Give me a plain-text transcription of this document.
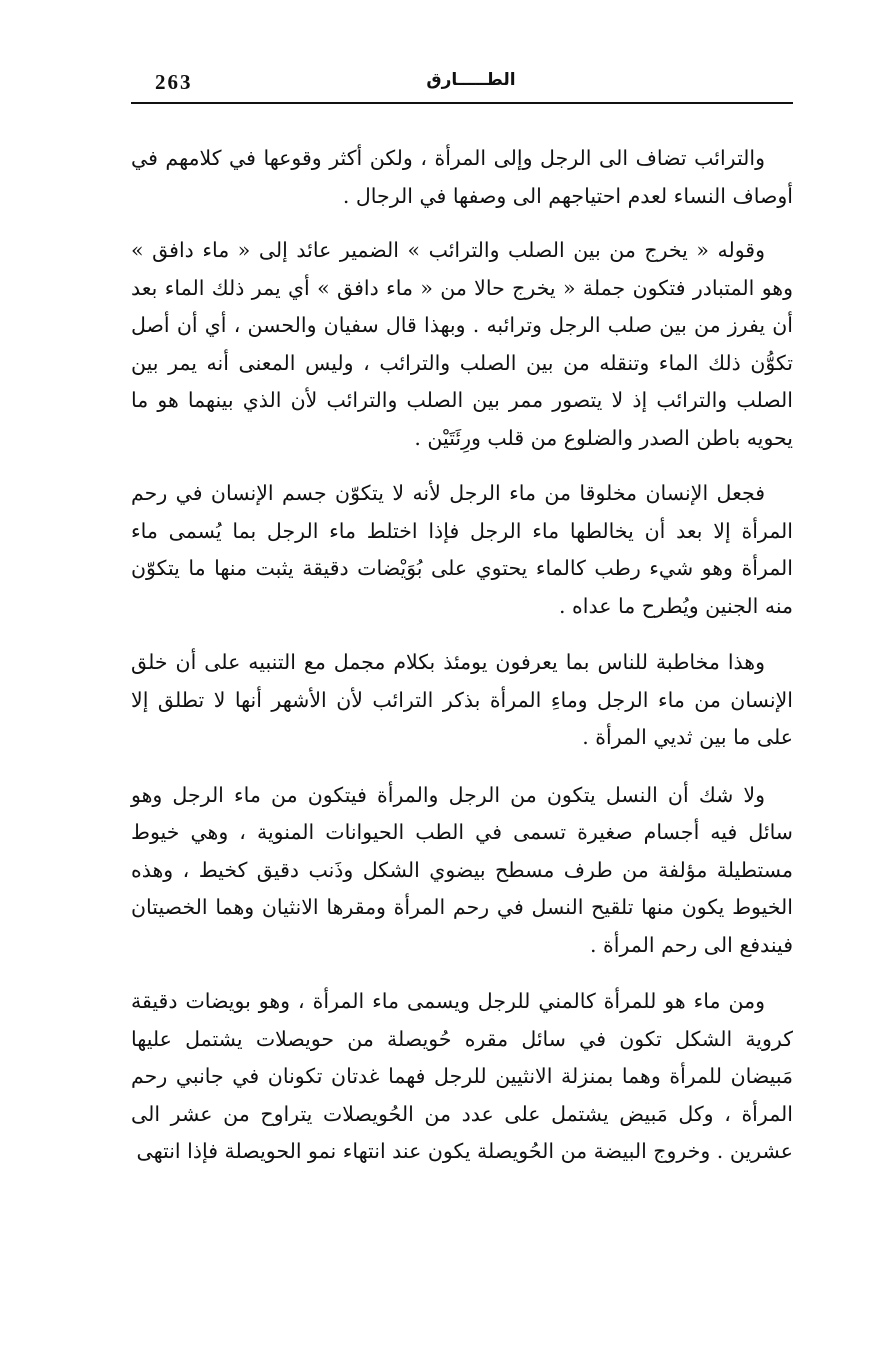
263	الطـــــارق

والترائب تضاف الى الرجل وإلى المرأة ، ولكن أكثر وقوعها في كلامهم في أوصاف النساء لعدم احتياجهم الى وصفها في الرجال .

وقوله « يخرج من بين الصلب والترائب » الضمير عائد إلى « ماء دافق » وهو المتبادر فتكون جملة « يخرج حالا من « ماء دافق » أي يمر ذلك الماء بعد أن يفرز من بين صلب الرجل وترائبه . وبهذا قال سفيان والحسن ، أي أن أصل تكوُّن ذلك الماء وتنقله من بين الصلب والترائب ، وليس المعنى أنه يمر بين الصلب والترائب إذ لا يتصور ممر بين الصلب والترائب لأن الذي بينهما هو ما يحويه باطن الصدر والضلوع من قلب ورِئَتَيْن .

فجعل الإنسان مخلوقا من ماء الرجل لأنه لا يتكوّن جسم الإنسان في رحم المرأة إلا بعد أن يخالطها ماء الرجل فإذا اختلط ماء الرجل بما يُسمى ماء المرأة وهو شيء رطب كالماء يحتوي على بُوَيْضات دقيقة يثبت منها ما يتكوّن منه الجنين ويُطرح ما عداه .

وهذا مخاطبة للناس بما يعرفون يومئذ بكلام مجمل مع التنبيه على أن خلق الإنسان من ماء الرجل وماءِ المرأة بذكر الترائب لأن الأشهر أنها لا تطلق إلا على ما بين ثديي المرأة .

ولا شك أن النسل يتكون من الرجل والمرأة فيتكون من ماء الرجل وهو سائل فيه أجسام صغيرة تسمى في الطب الحيوانات المنوية ، وهي خيوط مستطيلة مؤلفة من طرف مسطح بيضوي الشكل وذَنب دقيق كخيط ، وهذه الخيوط يكون منها تلقيح النسل في رحم المرأة ومقرها الانثيان وهما الخصيتان فيندفع الى رحم المرأة .

ومن ماء هو للمرأة كالمني للرجل ويسمى ماء المرأة ، وهو بويضات دقيقة كروية الشكل تكون في سائل مقره حُويصلة من حويصلات يشتمل عليها مَبيضان للمرأة وهما بمنزلة الانثيين للرجل فهما غدتان تكونان في جانبي رحم المرأة ، وكل مَبيض يشتمل على عدد من الحُويصلات يتراوح من عشر الى عشرين . وخروج البيضة من الحُويصلة يكون عند انتهاء نمو الحويصلة فإذا انتهى
